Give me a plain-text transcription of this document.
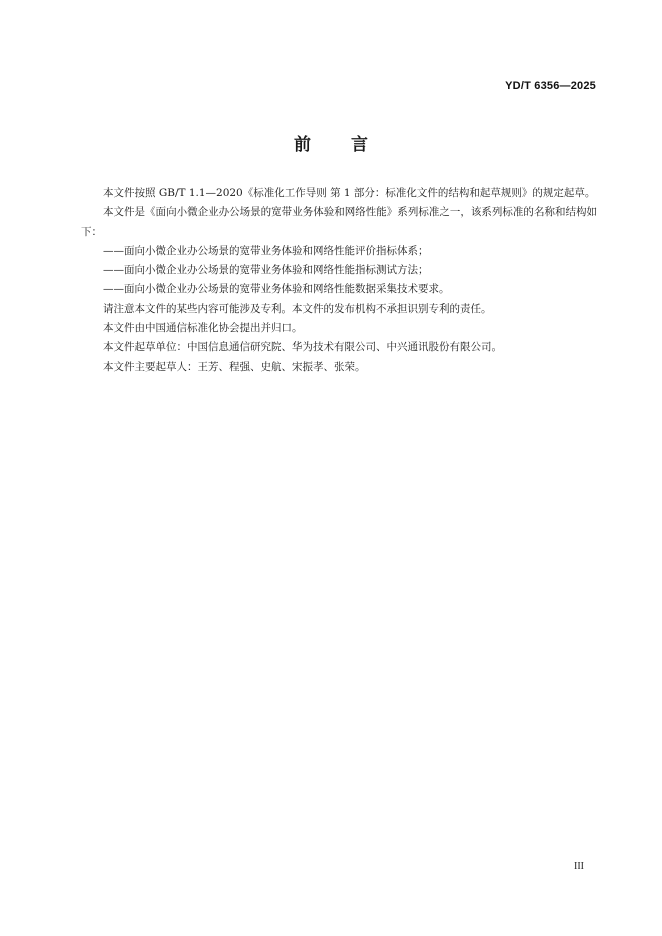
YD/T 6356—2025
前 言

本文件按照 GB/T 1.1—2020《标准化工作导则 第 1 部分：标准化文件的结构和起草规则》的规定起草。

本文件是《面向小微企业办公场景的宽带业务体验和网络性能》系列标准之一，该系列标准的名称和结构如下：

——面向小微企业办公场景的宽带业务体验和网络性能评价指标体系；

——面向小微企业办公场景的宽带业务体验和网络性能指标测试方法；

——面向小微企业办公场景的宽带业务体验和网络性能数据采集技术要求。

请注意本文件的某些内容可能涉及专利。本文件的发布机构不承担识别专利的责任。

本文件由中国通信标准化协会提出并归口。

本文件起草单位：中国信息通信研究院、华为技术有限公司、中兴通讯股份有限公司。

本文件主要起草人：王芳、程强、史航、宋振孝、张荣。

III
